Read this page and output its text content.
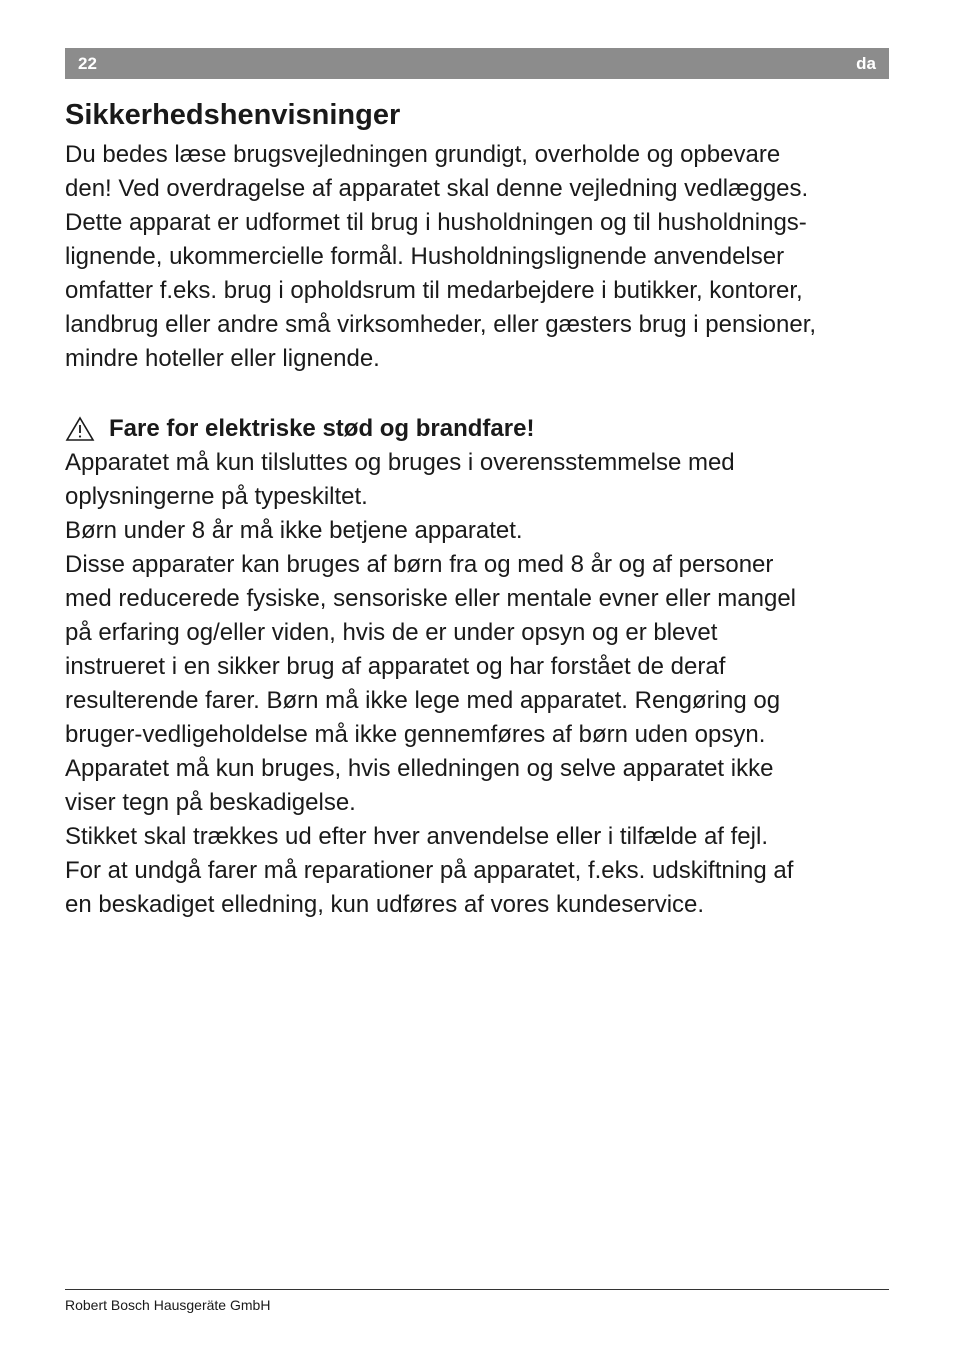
22	da
Sikkerhedshenvisninger

Du bedes læse brugsvejledningen grundigt, overholde og opbevare
den! Ved overdragelse af apparatet skal denne vejledning vedlægges.
Dette apparat er udformet til brug i husholdningen og til husholdnings-
lignende, ukommercielle formål. Husholdningslignende anvendelser
omfatter f.eks. brug i opholdsrum til medarbejdere i butikker, kontorer,
landbrug eller andre små virksomheder, eller gæsters brug i pensioner,
mindre hoteller eller lignende.

Fare for elektriske stød og brandfare!

Apparatet må kun tilsluttes og bruges i overensstemmelse med
oplysningerne på typeskiltet.
Børn under 8 år må ikke betjene apparatet.
Disse apparater kan bruges af børn fra og med 8 år og af personer
med reducerede fysiske, sensoriske eller mentale evner eller mangel
på erfaring og/eller viden, hvis de er under opsyn og er blevet
instrueret i en sikker brug af apparatet og har forstået de deraf
resulterende farer. Børn må ikke lege med apparatet. Rengøring og
bruger-vedligeholdelse må ikke gennemføres af børn uden opsyn.
Apparatet må kun bruges, hvis elledningen og selve apparatet ikke
viser tegn på beskadigelse.
Stikket skal trækkes ud efter hver anvendelse eller i tilfælde af fejl.
For at undgå farer må reparationer på apparatet, f.eks. udskiftning af
en beskadiget elledning, kun udføres af vores kundeservice.

Robert Bosch Hausgeräte GmbH
